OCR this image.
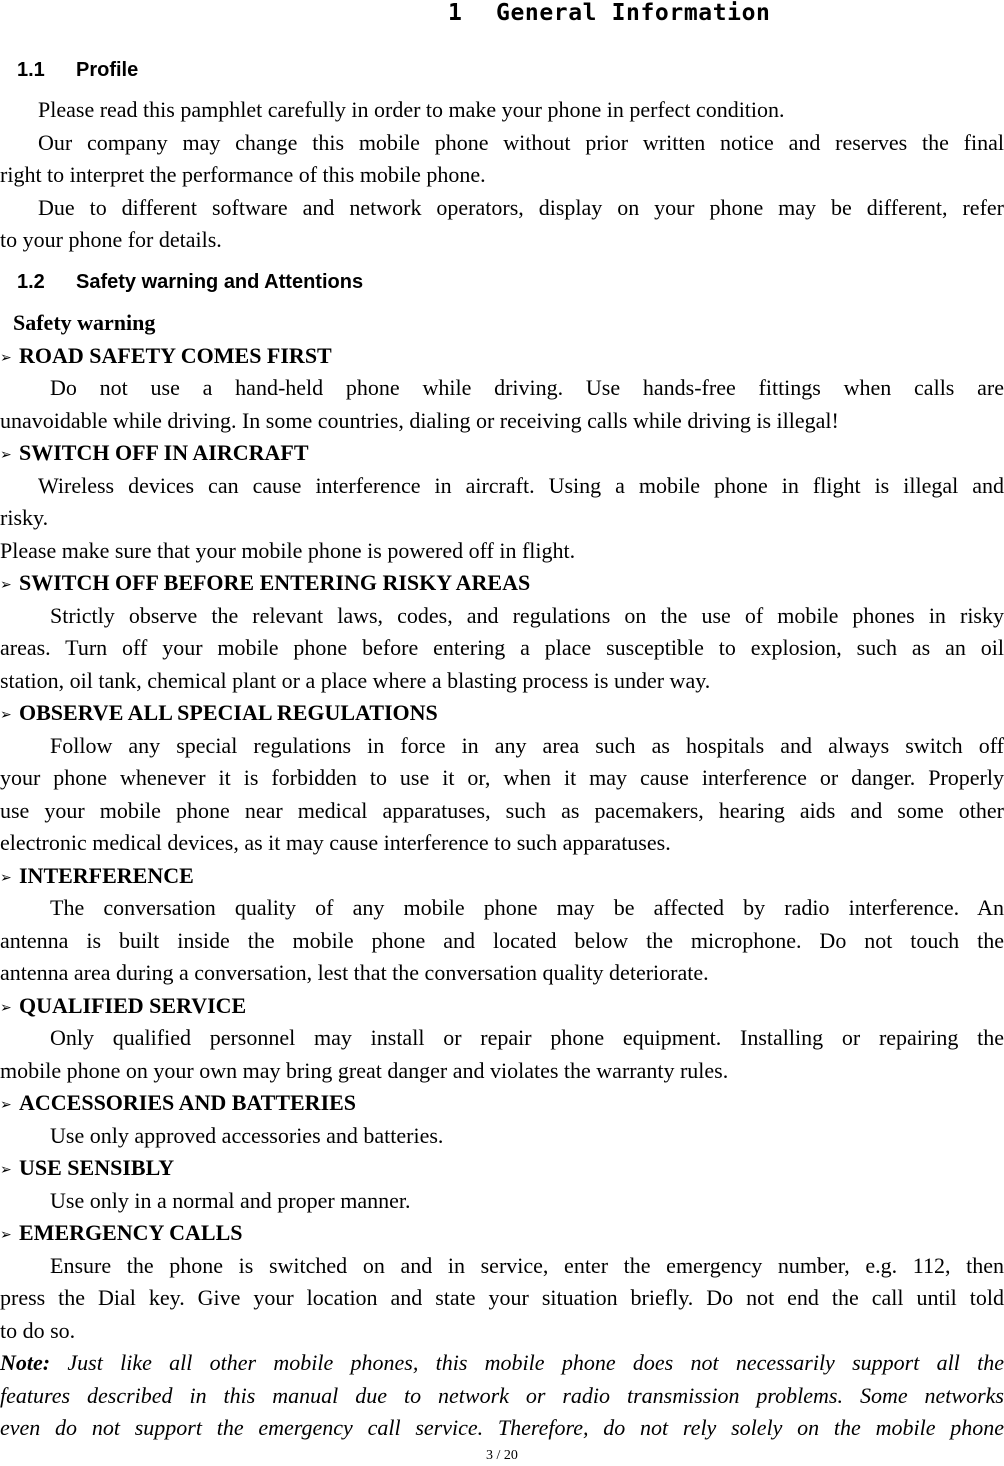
1

General Information

1.1

Profile

Please read this pamphlet carefully in order to make your phone in perfect condition.
Our company may change this mobile phone without prior written notice and reserves the final
right to interpret the performance of this mobile phone.
Due to different software and network operators, display on your phone may be different, refer
to your phone for details.

1.2

Safety warning and Attentions

Safety warning
➢ ROAD SAFETY COMES FIRST
Do not use a hand-held phone while driving. Use hands-free fittings when calls are
unavoidable while driving. In some countries, dialing or receiving calls while driving is illegal!
➢ SWITCH OFF IN AIRCRAFT
Wireless devices can cause interference in aircraft. Using a mobile phone in flight is illegal and
risky.
Please make sure that your mobile phone is powered off in flight.
➢ SWITCH OFF BEFORE ENTERING RISKY AREAS
Strictly observe the relevant laws, codes, and regulations on the use of mobile phones in risky
areas. Turn off your mobile phone before entering a place susceptible to explosion, such as an oil
station, oil tank, chemical plant or a place where a blasting process is under way.
➢ OBSERVE ALL SPECIAL REGULATIONS
Follow any special regulations in force in any area such as hospitals and always switch off
your phone whenever it is forbidden to use it or, when it may cause interference or danger. Properly
use your mobile phone near medical apparatuses, such as pacemakers, hearing aids and some other
electronic medical devices, as it may cause interference to such apparatuses.
➢ INTERFERENCE
The conversation quality of any mobile phone may be affected by radio interference. An
antenna is built inside the mobile phone and located below the microphone. Do not touch the
antenna area during a conversation, lest that the conversation quality deteriorate.
➢ QUALIFIED SERVICE
Only qualified personnel may install or repair phone equipment. Installing or repairing the
mobile phone on your own may bring great danger and violates the warranty rules.
➢ ACCESSORIES AND BATTERIES
Use only approved accessories and batteries.
➢ USE SENSIBLY
Use only in a normal and proper manner.
➢ EMERGENCY CALLS
Ensure the phone is switched on and in service, enter the emergency number, e.g. 112, then
press the Dial key. Give your location and state your situation briefly. Do not end the call until told
to do so.
Note: Just like all other mobile phones, this mobile phone does not necessarily support all the
features described in this manual due to network or radio transmission problems. Some networks
even do not support the emergency call service. Therefore, do not rely solely on the mobile phone
3 / 20
